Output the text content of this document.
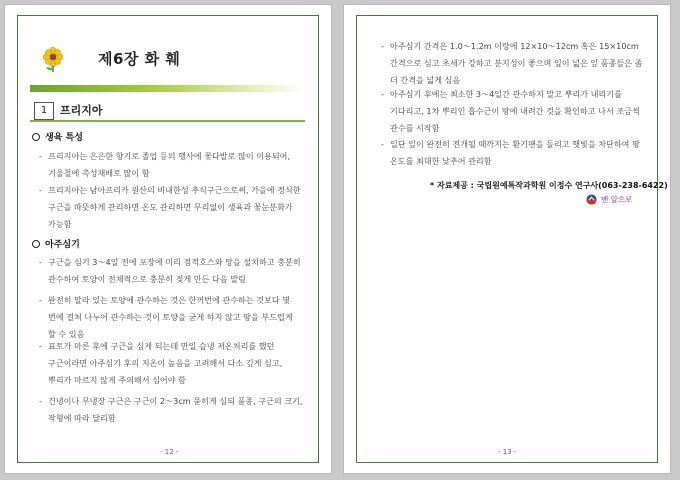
제6장 화 훼
1	프리지아
생육 특성
- 프리지아는 은은한 향기로 졸업 등의 행사에 꽃다발로 많이 이용되어, 겨울철에 촉성재배로 많이 함
- 프리지아는 남아프리카 원산의 비내한성 추식구근으로써, 가을에 정식한 구근을 따뜻하게 관리하면 온도 관리하면 무리없이 생육과 꽃눈분화가 가능함
아주심기
- 구근을 심기 3～4일 전에 포장에 미리 점적호스와 망을 설치하고 충분히 관수하여 토양이 전체적으로 충분히 젖게 만든 다음 말림
- 완전히 말라 있는 토양에 관수하는 것은 한꺼번에 관수하는 것보다 몇 번에 걸쳐 나누어 관수하는 것이 토양을 굳게 하지 않고 땅을 부드럽게 할 수 있음
- 표토가 마른 후에 구근을 심게 되는데 만일 습냉 저온처리를 했던 구근이라면 아주심기 후의 지온이 높음을 고려해서 다소 깊게 심고, 뿌리가 마르지 않게 주의해서 심어야 함
- 건냉이나 무냉장 구근은 구근이 2～3cm 묻히게 심되 품종, 구근의 크기, 작형에 따라 달리함
- 12 -
- 아주심기 간격은 1.0～1.2m 이랑에 12×10～12cm 혹은 15×10cm 간격으로 심고 초세가 강하고 분지성이 좋으며 잎이 넓은 잎 품종들은 좀 더 간격을 넓게 심음
- 아주심기 후에는 최소한 3～4일간 관수하지 말고 뿌리가 내리기를 기다리고, 1차 뿌리인 흡수근이 땅에 내려간 것을 확인하고 나서 조금씩 관수를 시작함
- 일단 잎이 완전히 전개될 때까지는 환기팬을 돌리고 햇빛을 차단하여 땅 온도를 최대한 낮추어 관리함
* 자료제공 : 국립원예특작과학원 이정수 연구사(063-238-6422)
맨 앞으로
- 13 -
